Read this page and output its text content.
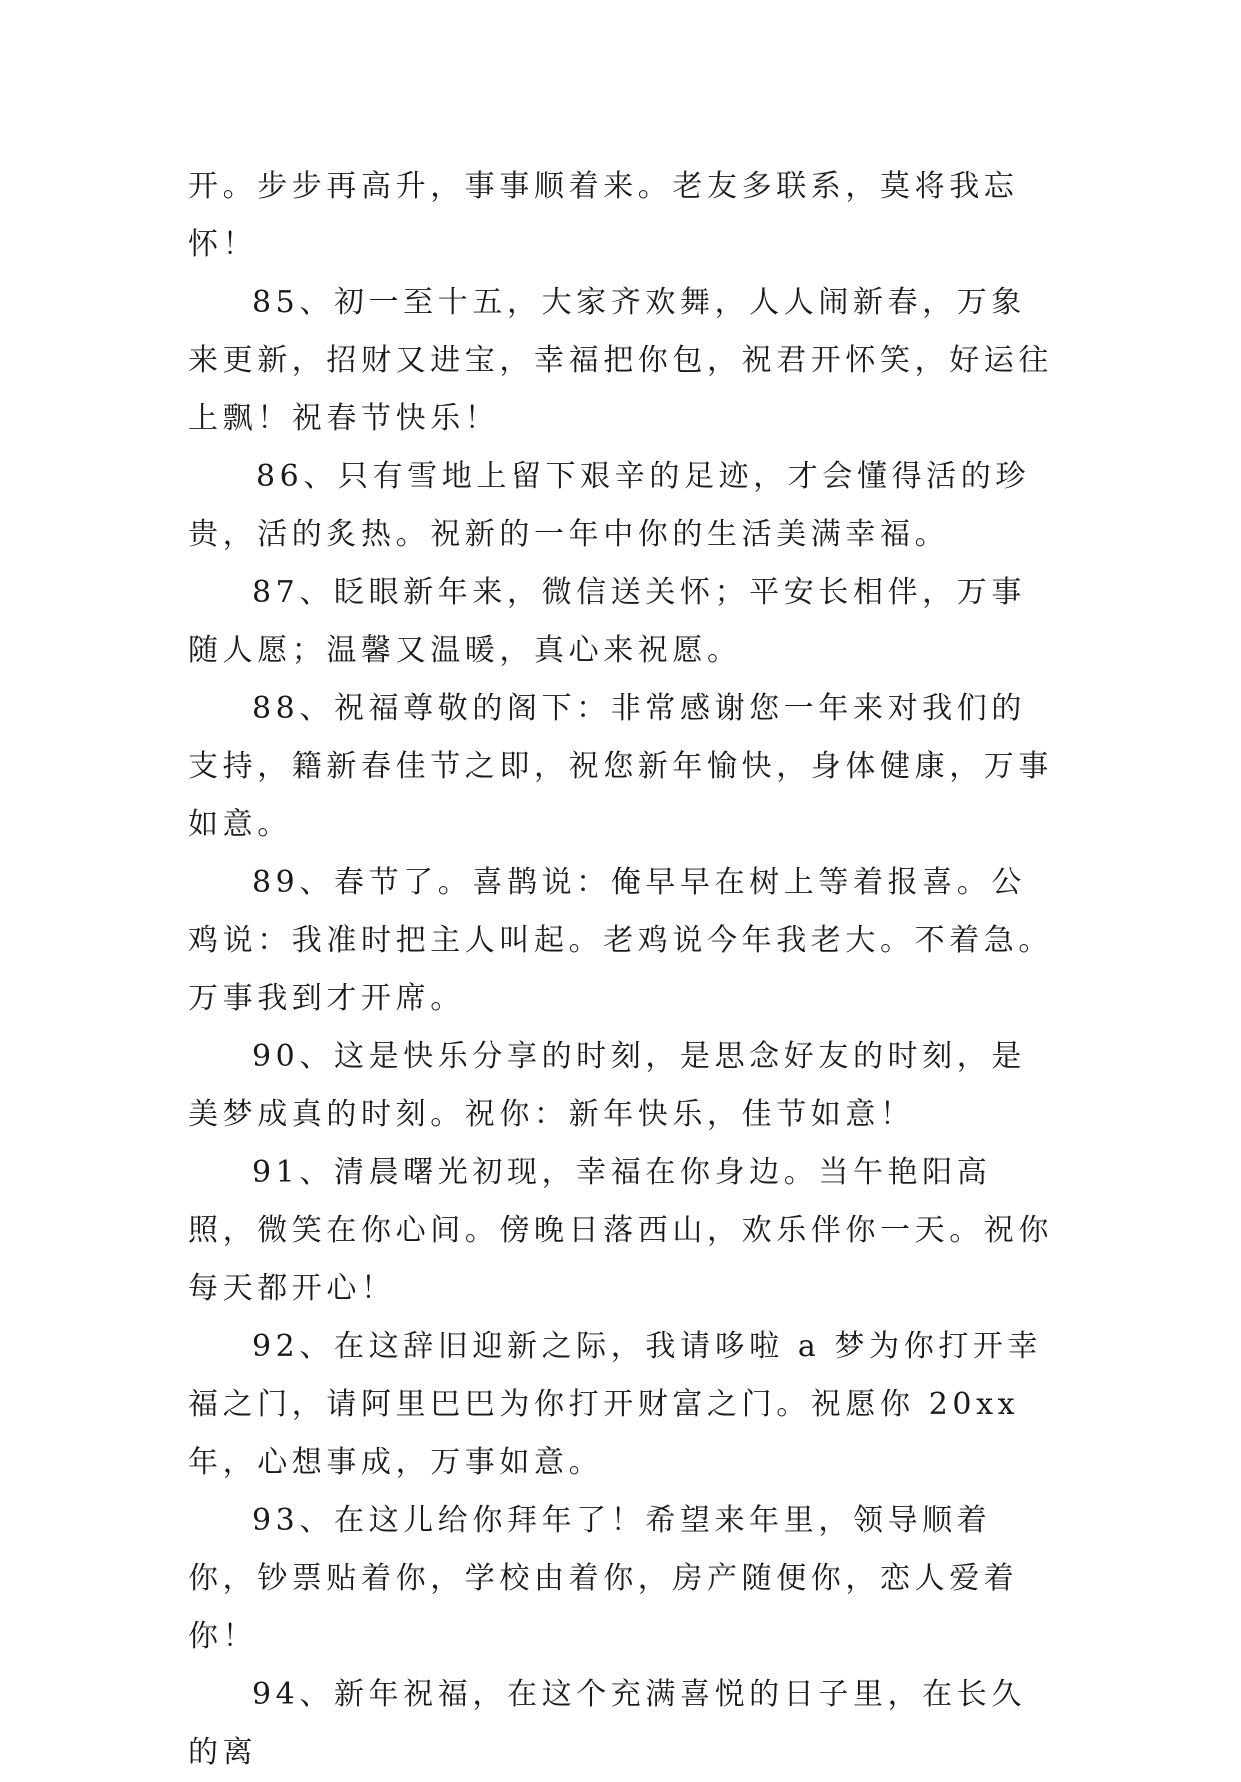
开。步步再高升，事事顺着来。老友多联系，莫将我忘怀！

85、初一至十五，大家齐欢舞，人人闹新春，万象来更新，招财又进宝，幸福把你包，祝君开怀笑，好运往上飘！祝春节快乐！

86、只有雪地上留下艰辛的足迹，才会懂得活的珍贵，活的炙热。祝新的一年中你的生活美满幸福。

87、眨眼新年来，微信送关怀；平安长相伴，万事随人愿；温馨又温暖，真心来祝愿。

88、祝福尊敬的阁下：非常感谢您一年来对我们的支持，籍新春佳节之即，祝您新年愉快，身体健康，万事如意。

89、春节了。喜鹊说：俺早早在树上等着报喜。公鸡说：我准时把主人叫起。老鸡说今年我老大。不着急。万事我到才开席。

90、这是快乐分享的时刻，是思念好友的时刻，是美梦成真的时刻。祝你：新年快乐，佳节如意！

91、清晨曙光初现，幸福在你身边。当午艳阳高照，微笑在你心间。傍晚日落西山，欢乐伴你一天。祝你每天都开心！

92、在这辞旧迎新之际，我请哆啦 a 梦为你打开幸福之门，请阿里巴巴为你打开财富之门。祝愿你 20xx 年，心想事成，万事如意。

93、在这儿给你拜年了！希望来年里，领导顺着你，钞票贴着你，学校由着你，房产随便你，恋人爱着你！

94、新年祝福，在这个充满喜悦的日子里，在长久的离
